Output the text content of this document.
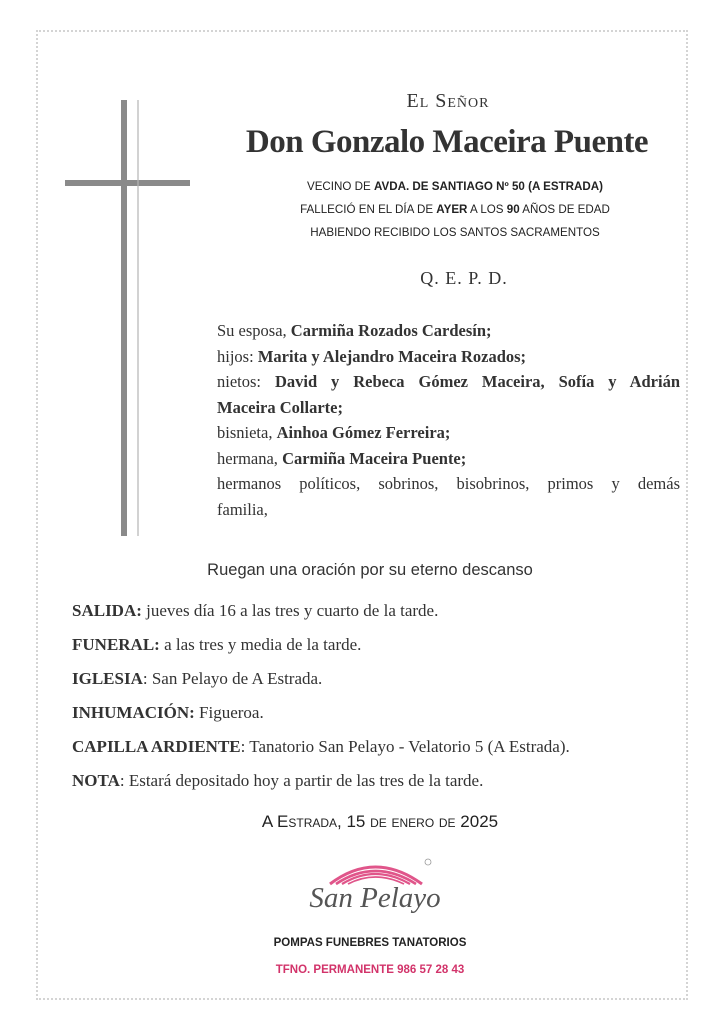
El Señor
Don Gonzalo Maceira Puente
VECINO DE AVDA. DE SANTIAGO Nº 50 (A ESTRADA)
FALLECIÓ EN EL DÍA DE AYER A LOS 90 AÑOS DE EDAD
HABIENDO RECIBIDO LOS SANTOS SACRAMENTOS
Q. E. P. D.

Su esposa, Carmiña Rozados Cardesín;

hijos: Marita y Alejandro Maceira Rozados;

nietos: David y Rebeca Gómez Maceira, Sofía y Adrián

Maceira Collarte;

bisnieta, Ainhoa Gómez Ferreira;

hermana, Carmiña Maceira Puente;

hermanos políticos, sobrinos, bisobrinos, primos y demás

familia,

Ruegan una oración por su eterno descanso
SALIDA: jueves día 16 a las tres y cuarto de la tarde.
FUNERAL: a las tres y media de la tarde.
IGLESIA: San Pelayo de A Estrada.
INHUMACIÓN: Figueroa.
CAPILLA ARDIENTE: Tanatorio San Pelayo - Velatorio 5 (A Estrada).
NOTA: Estará depositado hoy a partir de las tres de la tarde.
A Estrada, 15 de enero de 2025
San Pelayo
POMPAS FUNEBRES TANATORIOS
TFNO. PERMANENTE 986 57 28 43
